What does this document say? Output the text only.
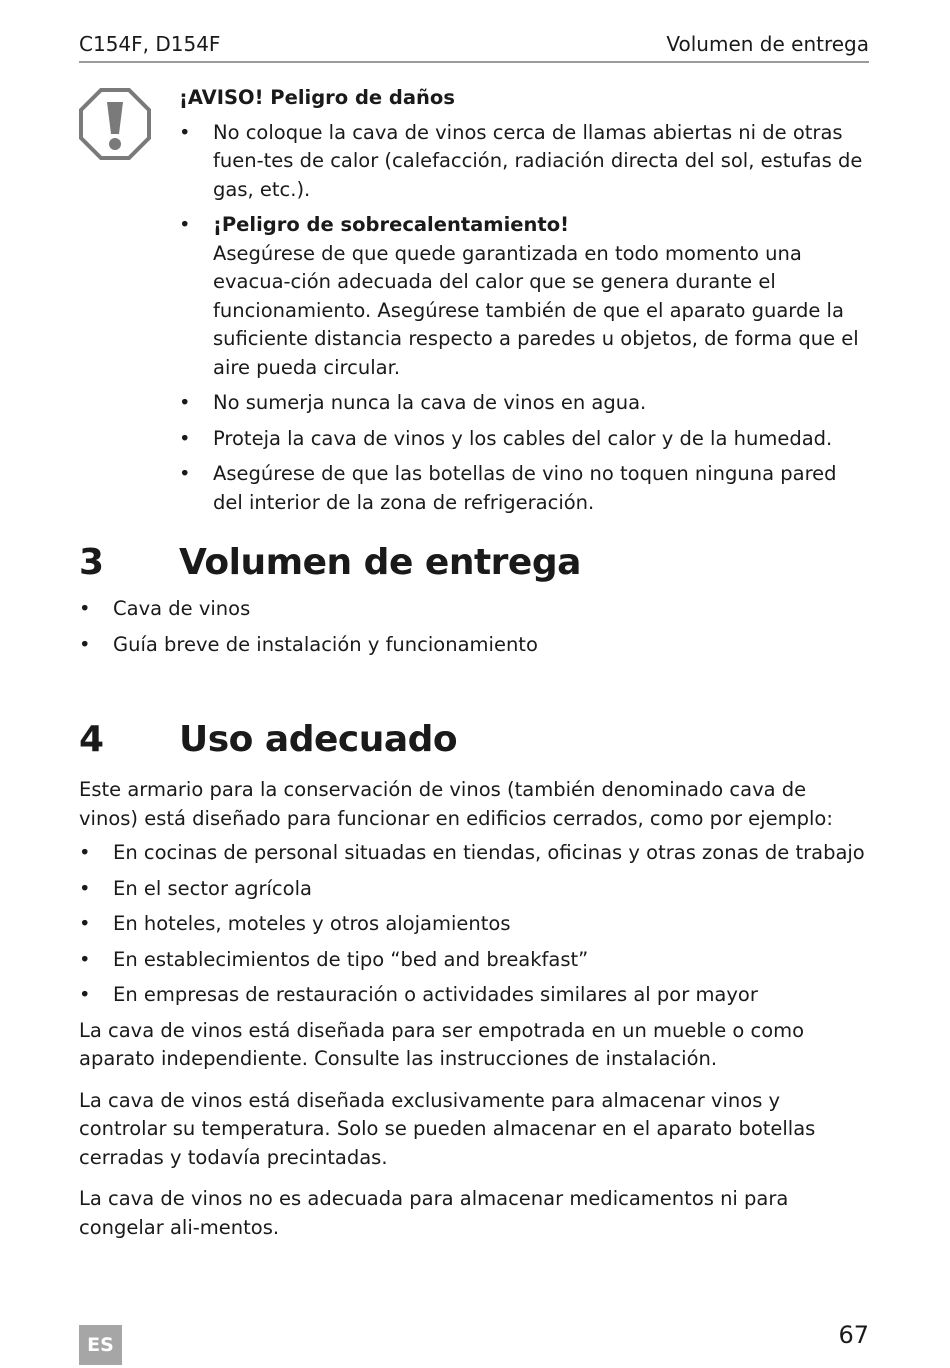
C154F, D154F	Volumen de entrega
¡AVISO! Peligro de daños
• No coloque la cava de vinos cerca de llamas abiertas ni de otras fuen-tes de calor (calefacción, radiación directa del sol, estufas de gas, etc.).
• ¡Peligro de sobrecalentamiento!
Asegúrese de que quede garantizada en todo momento una evacua-ción adecuada del calor que se genera durante el funcionamiento. Asegúrese también de que el aparato guarde la suficiente distancia respecto a paredes u objetos, de forma que el aire pueda circular.
• No sumerja nunca la cava de vinos en agua.
• Proteja la cava de vinos y los cables del calor y de la humedad.
• Asegúrese de que las botellas de vino no toquen ninguna pared del interior de la zona de refrigeración.
3 Volumen de entrega
• Cava de vinos
• Guía breve de instalación y funcionamiento
4 Uso adecuado

Este armario para la conservación de vinos (también denominado cava de vinos) está diseñado para funcionar en edificios cerrados, como por ejemplo:

• En cocinas de personal situadas en tiendas, oficinas y otras zonas de trabajo
• En el sector agrícola
• En hoteles, moteles y otros alojamientos
• En establecimientos de tipo “bed and breakfast”
• En empresas de restauración o actividades similares al por mayor

La cava de vinos está diseñada para ser empotrada en un mueble o como aparato independiente. Consulte las instrucciones de instalación.

La cava de vinos está diseñada exclusivamente para almacenar vinos y controlar su temperatura. Solo se pueden almacenar en el aparato botellas cerradas y todavía precintadas.

La cava de vinos no es adecuada para almacenar medicamentos ni para congelar ali-mentos.

ES	67
